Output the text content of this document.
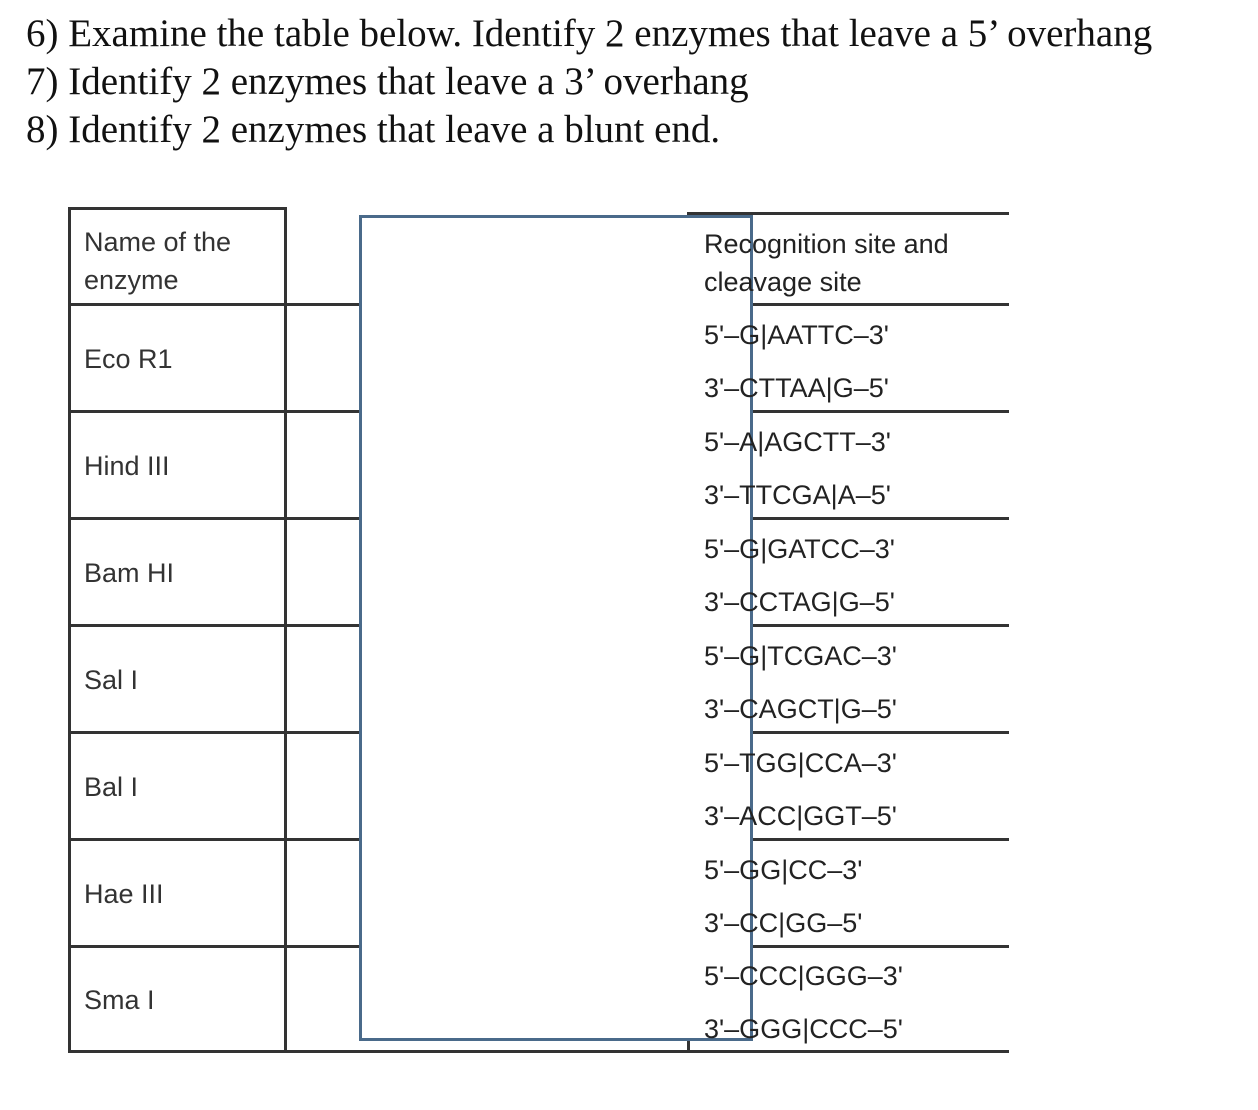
6) Examine the table below. Identify 2 enzymes that leave a 5’ overhang
7) Identify 2 enzymes that leave a 3’ overhang
8) Identify 2 enzymes that leave a blunt end.
Name of the
enzyme
Recognition site and
cleavage site
Eco R1
5'–G|AATTC–3'
3'–CTTAA|G–5'
Hind III
5'–A|AGCTT–3'
3'–TTCGA|A–5'
Bam HI
5'–G|GATCC–3'
3'–CCTAG|G–5'
Sal I
5'–G|TCGAC–3'
3'–CAGCT|G–5'
Bal I
5'–TGG|CCA–3'
3'–ACC|GGT–5'
Hae III
5'–GG|CC–3'
3'–CC|GG–5'
Sma I
5'–CCC|GGG–3'
3'–GGG|CCC–5'
